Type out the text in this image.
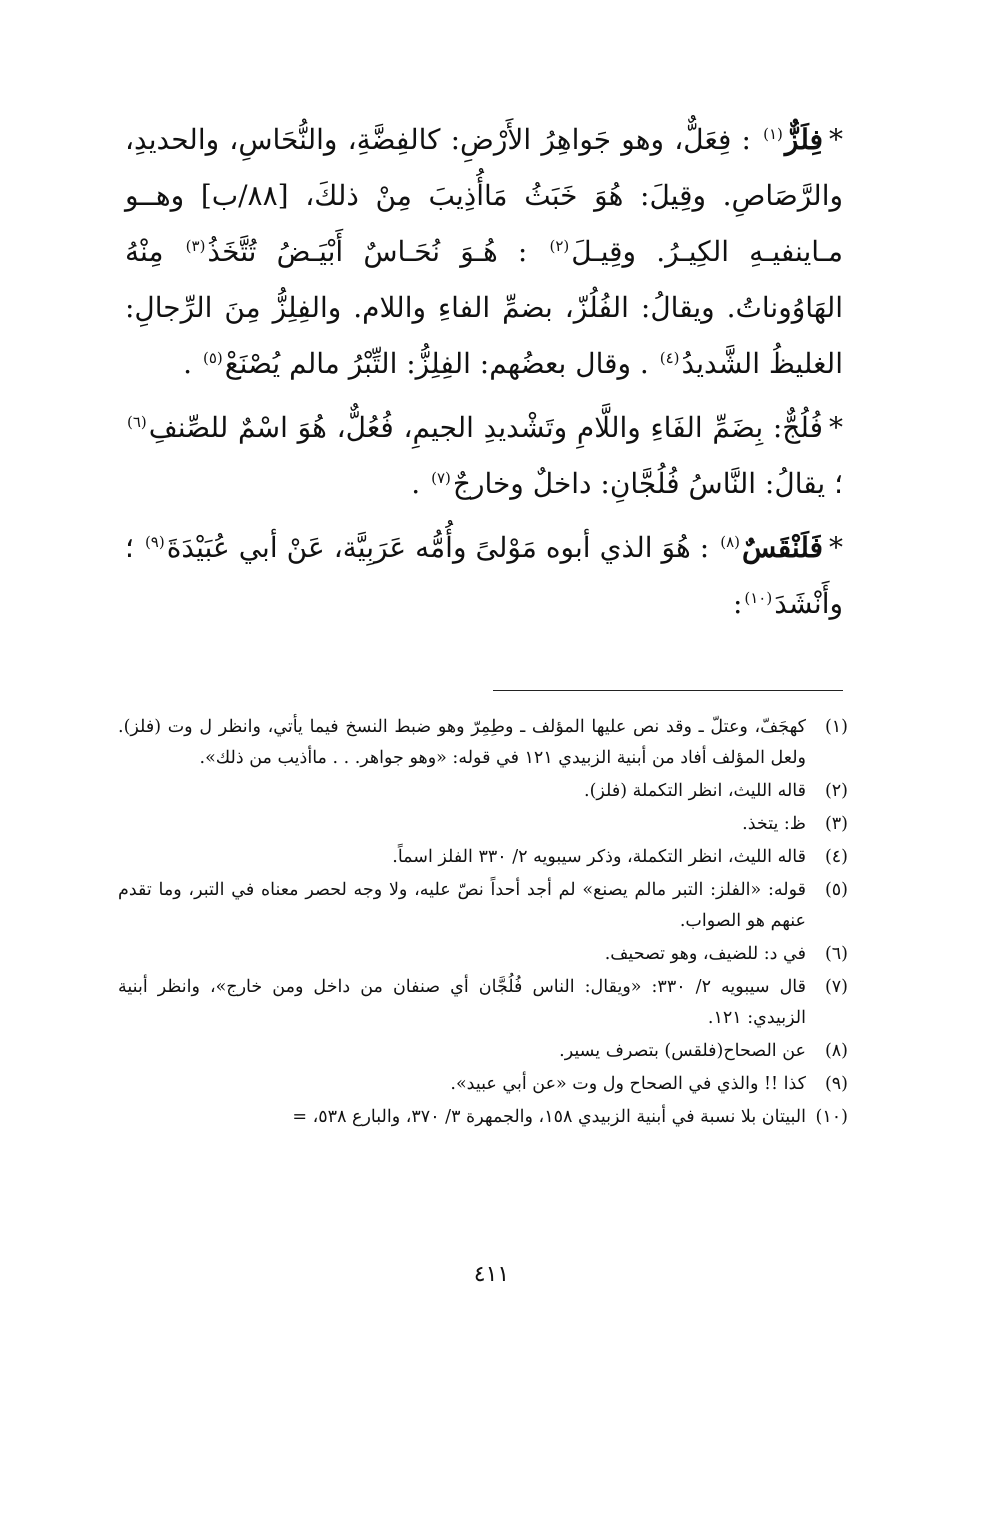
*فِلَزٌّ$^{(١)}$ : فِعَلٌّ، وهو جَواهِرُ الأَرْضِ: كالفِضَّةِ، والنُّحَاسِ، والحديدِ، والرَّصَاصِ. وقِيلَ: هُوَ خَبَثُ مَاأُذِيبَ مِنْ ذلكَ، [٨٨/ب] وهــو مـاينفيـهِ الكِيـرُ. وقِيـلَ$^{(٢)}$ : هُـوَ نُحَـاسٌ أَبْيَـضُ تُتَّخَذُ$^{(٣)}$ مِنْهُ الهَاوُوناتُ. ويقالُ: الفُلُزّ، بضمِّ الفاءِ واللام. والفِلِزُّ مِنَ الرِّجالِ: الغليظُ الشَّديدُ$^{(٤)}$ . وقال بعضُهم: الفِلِزُّ: التِّبْرُ مالم يُصْنَعْ$^{(٥)}$ .

*فُلُجٌّ: بِضَمِّ الفَاءِ واللَّامِ وتَشْديدِ الجيمِ، فُعُلٌّ، هُوَ اسْمٌ للصِّنفِ$^{(٦)}$ ؛ يقالُ: النَّاسُ فُلُجَّانِ: داخلٌ وخارجٌ$^{(٧)}$ .

*فَلَنْقَسٌ$^{(٨)}$ : هُوَ الذي أبوه مَوْلىً وأُمُّه عَرَبِيَّة، عَنْ أبي عُبَيْدَةَ$^{(٩)}$ ؛ وأَنْشَدَ$^{(١٠)}$:

(١)
كهجَفّ، وعتلّ ـ وقد نص عليها المؤلف ـ وطِمِرّ وهو ضبط النسخ فيما يأتي، وانظر ل وت (فلز). ولعل المؤلف أفاد من أبنية الزبيدي ١٢١ في قوله: «وهو جواهر. . . ماأذيب من ذلك».
(٢)
قاله الليث، انظر التكملة (فلز).
(٣)
ظ: يتخذ.
(٤)
قاله الليث، انظر التكملة، وذكر سيبويه ٢/ ٣٣٠ الفلز اسماً.
(٥)
قوله: «الفلز: التبر مالم يصنع» لم أجد أحداً نصّ عليه، ولا وجه لحصر معناه في التبر، وما تقدم عنهم هو الصواب.
(٦)
في د: للضيف، وهو تصحيف.
(٧)
قال سيبويه ٢/ ٣٣٠: «ويقال: الناس فُلُجَّان أي صنفان من داخل ومن خارج»، وانظر أبنية الزبيدي: ١٢١.
(٨)
عن الصحاح(فلقس) بتصرف يسير.
(٩)
كذا !! والذي في الصحاح ول وت «عن أبي عبيد».
(١٠)
البيتان بلا نسبة في أبنية الزبيدي ١٥٨، والجمهرة ٣/ ٣٧٠، والبارع ٥٣٨، =
٤١١
